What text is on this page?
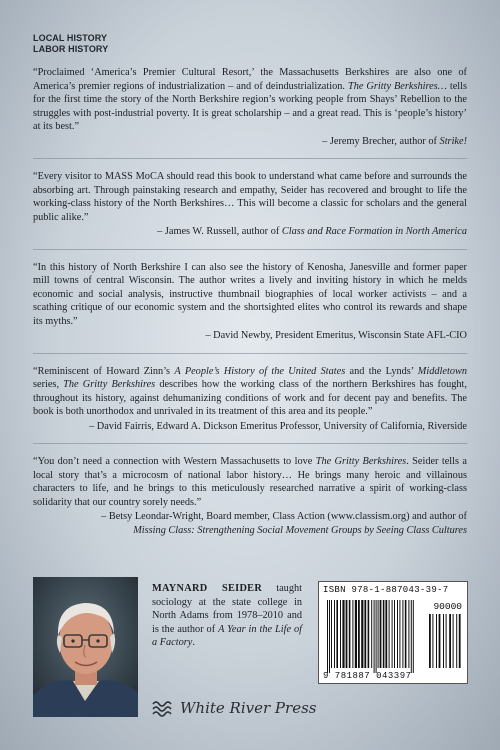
LOCAL HISTORY
LABOR HISTORY

“Proclaimed ‘America’s Premier Cultural Resort,’ the Massachusetts Berkshires are also one of America’s premier regions of industrialization – and of deindustrialization. The Gritty Berkshires… tells for the first time the story of the North Berkshire region’s working people from Shays’ Rebellion to the struggles with post-industrial poverty. It is great scholarship – and a great read. This is ‘people’s history’ at its best.”

– Jeremy Brecher, author of Strike!

“Every visitor to MASS MoCA should read this book to understand what came before and surrounds the absorbing art. Through painstaking research and empathy, Seider has recovered and brought to life the working-class history of the North Berkshires… This will become a classic for scholars and the general public alike.”

– James W. Russell, author of Class and Race Formation in North America

“In this history of North Berkshire I can also see the history of Kenosha, Janesville and former paper mill towns of central Wisconsin. The author writes a lively and inviting history in which he melds economic and social analysis, instructive thumbnail biographies of local worker activists – and a scathing critique of our economic system and the shortsighted elites who control its rewards and shape its myths.”

– David Newby, President Emeritus, Wisconsin State AFL-CIO

“Reminiscent of Howard Zinn’s A People’s History of the United States and the Lynds’ Middletown series, The Gritty Berkshires describes how the working class of the northern Berkshires has fought, throughout its history, against dehumanizing conditions of work and for decent pay and benefits. The book is both unorthodox and unrivaled in its treatment of this area and its people.”

– David Fairris, Edward A. Dickson Emeritus Professor, University of California, Riverside

“You don’t need a connection with Western Massachusetts to love The Gritty Berkshires. Seider tells a local story that’s a microcosm of national labor history… He brings many heroic and villainous characters to life, and he brings to this meticulously researched narrative a spirit of working-class solidarity that our country sorely needs.”

– Betsy Leondar-Wright, Board member, Class Action (www.classism.org) and author of
Missing Class: Strengthening Social Movement Groups by Seeing Class Cultures

MAYNARD SEIDER taught sociology at the state college in North Adams from 1978–2010 and is the author of A Year in the Life of a Factory.
ISBN 978-1-887043-39-7
90000
9 781887 043397
White River Press
